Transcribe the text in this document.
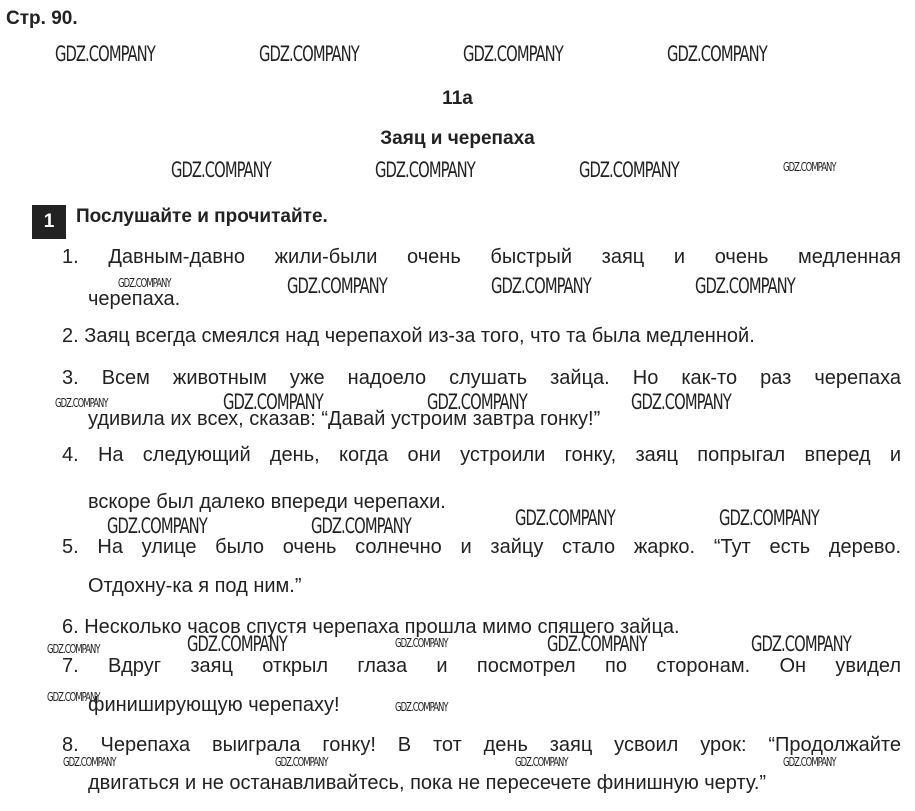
Стр. 90.
GDZ.COMPANY	GDZ.COMPANY	GDZ.COMPANY	GDZ.COMPANY
11a
Заяц и черепаха
GDZ.COMPANY	GDZ.COMPANY	GDZ.COMPANY	GDZ.COMPANY
1	Послушайте и прочитайте.
1. Давным-давно жили-были очень быстрый заяц и очень медленная
черепаха.
GDZ.COMPANY	GDZ.COMPANY	GDZ.COMPANY	GDZ.COMPANY
2. Заяц всегда смеялся над черепахой из-за того, что та была медленной.
3. Всем животным уже надоело слушать зайца. Но как-то раз черепаха
удивила их всех, сказав: “Давай устроим завтра гонку!”
GDZ.COMPANY	GDZ.COMPANY	GDZ.COMPANY	GDZ.COMPANY
4. На следующий день, когда они устроили гонку, заяц попрыгал вперед и
вскоре был далеко впереди черепахи.
GDZ.COMPANY	GDZ.COMPANY	GDZ.COMPANY	GDZ.COMPANY
5. На улице было очень солнечно и зайцу стало жарко. “Тут есть дерево.
Отдохну-ка я под ним.”
6. Несколько часов спустя черепаха прошла мимо спящего зайца.
GDZ.COMPANY	GDZ.COMPANY	GDZ.COMPANY	GDZ.COMPANY	GDZ.COMPANY
7. Вдруг заяц открыл глаза и посмотрел по сторонам. Он увидел
финиширующую черепаху!
GDZ.COMPANY
GDZ.COMPANY
8. Черепаха выиграла гонку! В тот день заяц усвоил урок: “Продолжайте
двигаться и не останавливайтесь, пока не пересечете финишную черту.”
GDZ.COMPANY	GDZ.COMPANY	GDZ.COMPANY	GDZ.COMPANY
